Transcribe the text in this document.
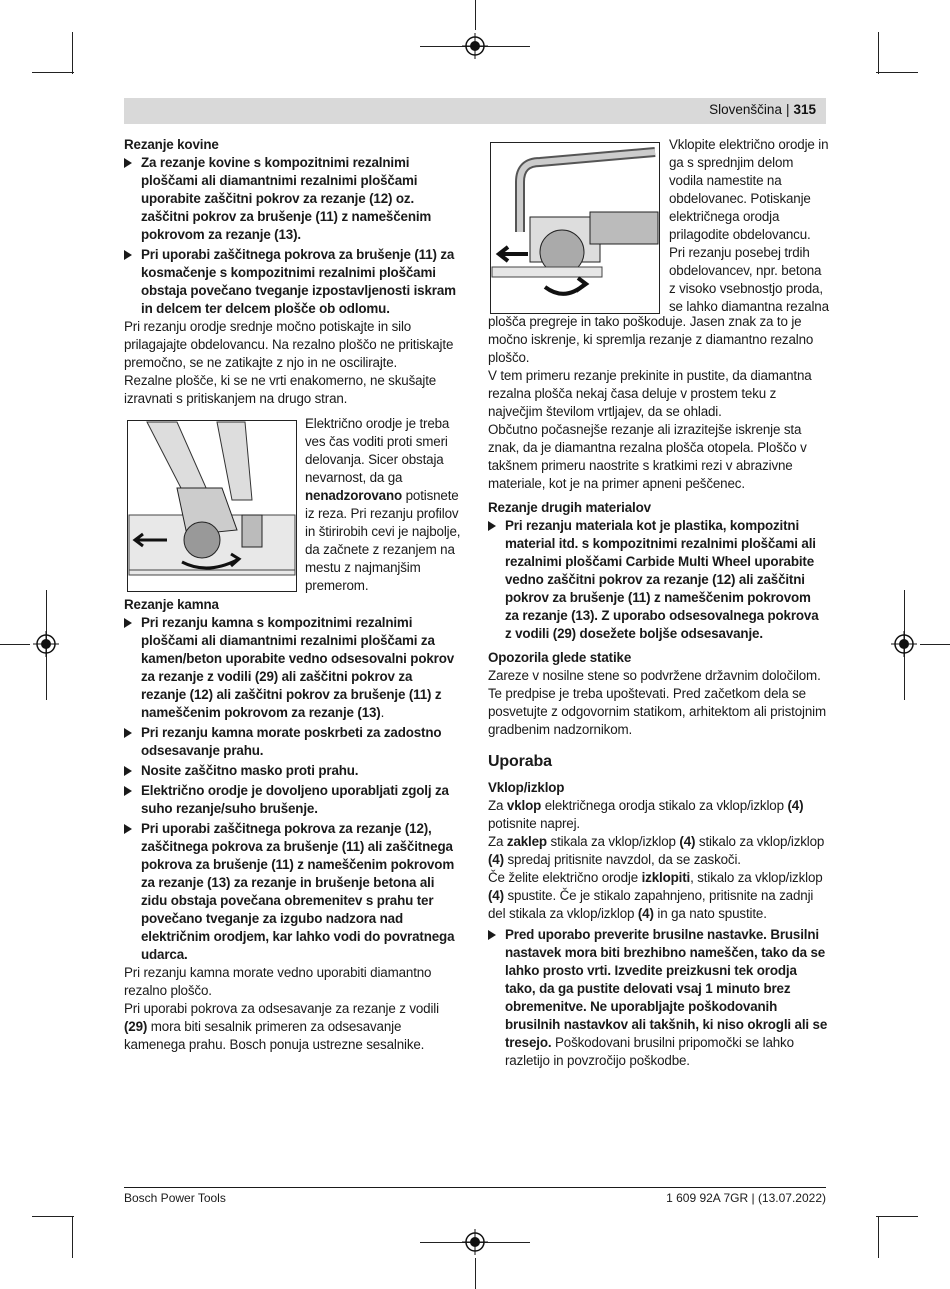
Slovenščina | 315

Rezanje kovine

Za rezanje kovine s kompozitnimi rezalnimi ploščami ali diamantnimi rezalnimi ploščami uporabite zaščitni pokrov za rezanje (12) oz. zaščitni pokrov za brušenje (11) z nameščenim pokrovom za rezanje (13).
Pri uporabi zaščitnega pokrova za brušenje (11) za kosmačenje s kompozitnimi rezalnimi ploščami obstaja povečano tveganje izpostavljenosti iskram in delcem ter delcem plošče ob odlomu.

Pri rezanju orodje srednje močno potiskajte in silo prilagajajte obdelovancu. Na rezalno ploščo ne pritiskajte premočno, se ne zatikajte z njo in ne oscilirajte.

Rezalne plošče, ki se ne vrti enakomerno, ne skušajte izravnati s pritiskanjem na drugo stran.

Električno orodje je treba ves čas voditi proti smeri delovanja. Sicer obstaja nevarnost, da ga nenadzorovano potisnete iz reza. Pri rezanju profilov in štirirobih cevi je najbolje, da začnete z rezanjem na mestu z najmanjšim premerom.

Rezanje kamna

Pri rezanju kamna s kompozitnimi rezalnimi ploščami ali diamantnimi rezalnimi ploščami za kamen/beton uporabite vedno odsesovalni pokrov za rezanje z vodili (29) ali zaščitni pokrov za rezanje (12) ali zaščitni pokrov za brušenje (11) z nameščenim pokrovom za rezanje (13).
Pri rezanju kamna morate poskrbeti za zadostno odsesavanje prahu.
Nosite zaščitno masko proti prahu.
Električno orodje je dovoljeno uporabljati zgolj za suho rezanje/suho brušenje.
Pri uporabi zaščitnega pokrova za rezanje (12), zaščitnega pokrova za brušenje (11) ali zaščitnega pokrova za brušenje (11) z nameščenim pokrovom za rezanje (13) za rezanje in brušenje betona ali zidu obstaja povečana obremenitev s prahu ter povečano tveganje za izgubo nadzora nad električnim orodjem, kar lahko vodi do povratnega udarca.

Pri rezanju kamna morate vedno uporabiti diamantno rezalno ploščo.

Pri uporabi pokrova za odsesavanje za rezanje z vodili (29) mora biti sesalnik primeren za odsesavanje kamenega prahu. Bosch ponuja ustrezne sesalnike.

Vklopite električno orodje in ga s sprednjim delom vodila namestite na obdelovanec. Potiskanje električnega orodja prilagodite obdelovancu.

Pri rezanju posebej trdih obdelovancev, npr. betona z visoko vsebnostjo proda, se lahko diamantna rezalna

plošča pregreje in tako poškoduje. Jasen znak za to je močno iskrenje, ki spremlja rezanje z diamantno rezalno ploščo.

V tem primeru rezanje prekinite in pustite, da diamantna rezalna plošča nekaj časa deluje v prostem teku z največjim številom vrtljajev, da se ohladi.

Občutno počasnejše rezanje ali izrazitejše iskrenje sta znak, da je diamantna rezalna plošča otopela. Ploščo v takšnem primeru naostrite s kratkimi rezi v abrazivne materiale, kot je na primer apneni peščenec.

Rezanje drugih materialov

Pri rezanju materiala kot je plastika, kompozitni material itd. s kompozitnimi rezalnimi ploščami ali rezalnimi ploščami Carbide Multi Wheel uporabite vedno zaščitni pokrov za rezanje (12) ali zaščitni pokrov za brušenje (11) z nameščenim pokrovom za rezanje (13). Z uporabo odsesovalnega pokrova z vodili (29) dosežete boljše odsesavanje.

Opozorila glede statike

Zareze v nosilne stene so podvržene državnim določilom. Te predpise je treba upoštevati. Pred začetkom dela se posvetujte z odgovornim statikom, arhitektom ali pristojnim gradbenim nadzornikom.

Uporaba

Vklop/izklop

Za vklop električnega orodja stikalo za vklop/izklop (4) potisnite naprej.

Za zaklep stikala za vklop/izklop (4) stikalo za vklop/izklop (4) spredaj pritisnite navzdol, da se zaskoči.

Če želite električno orodje izklopiti, stikalo za vklop/izklop (4) spustite. Če je stikalo zapahnjeno, pritisnite na zadnji del stikala za vklop/izklop (4) in ga nato spustite.

Pred uporabo preverite brusilne nastavke. Brusilni nastavek mora biti brezhibno nameščen, tako da se lahko prosto vrti. Izvedite preizkusni tek orodja tako, da ga pustite delovati vsaj 1 minuto brez obremenitve. Ne uporabljajte poškodovanih brusilnih nastavkov ali takšnih, ki niso okrogli ali se tresejo. Poškodovani brusilni pripomočki se lahko razletijo in povzročijo poškodbe.
Bosch Power Tools	1 609 92A 7GR | (13.07.2022)
